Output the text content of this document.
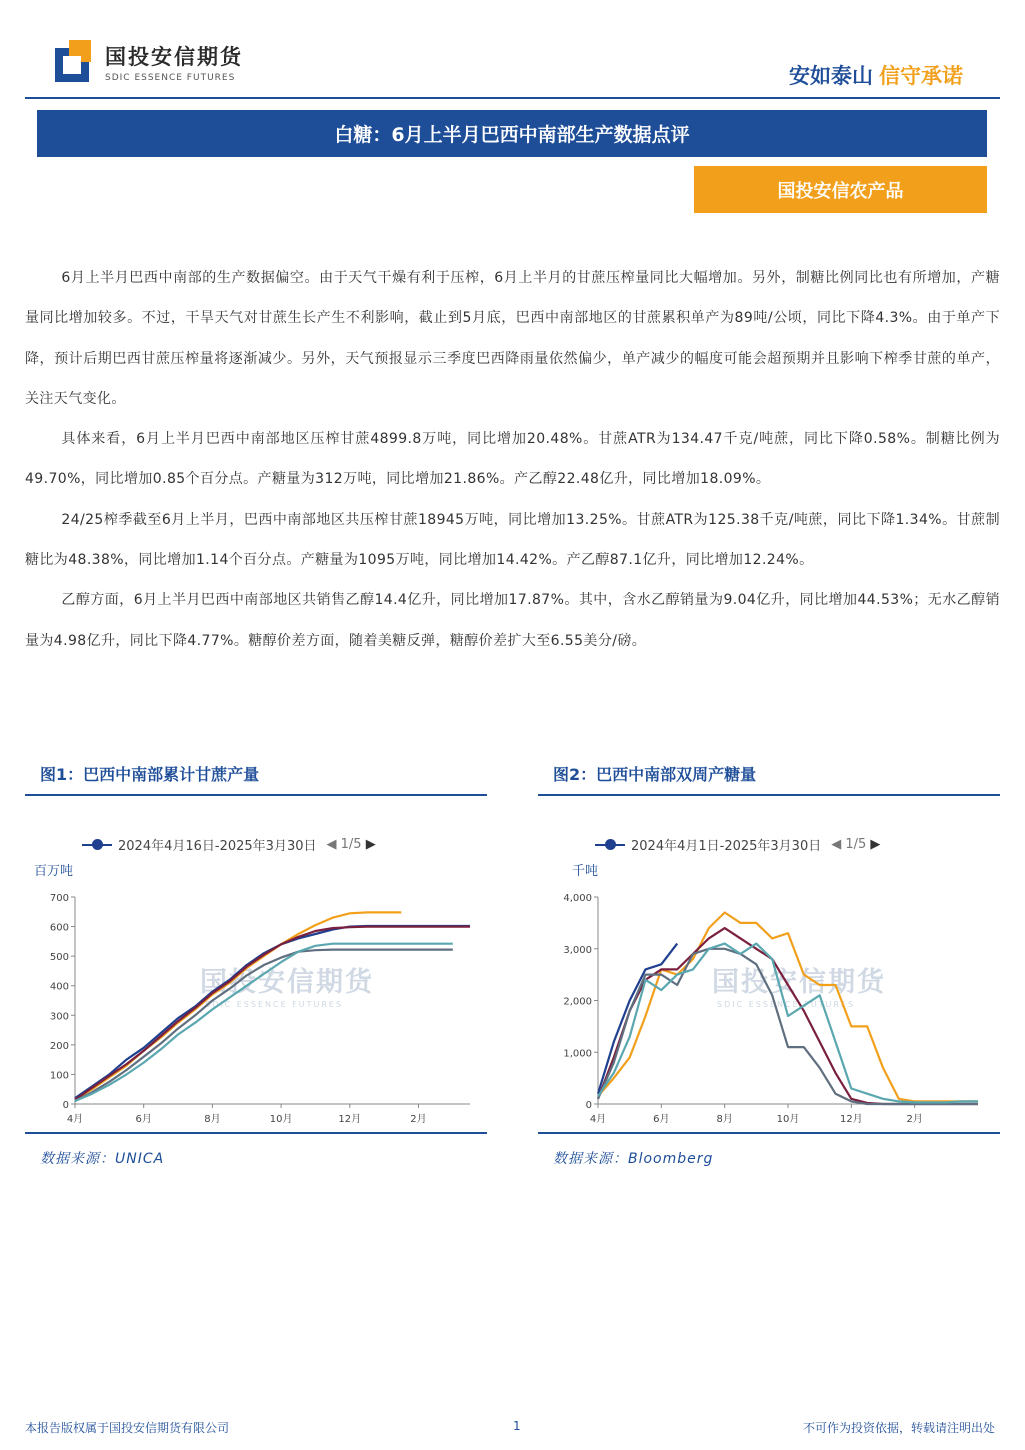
国投安信期货
SDIC ESSENCE FUTURES	安如泰山 信守承诺
白糖：6月上半月巴西中南部生产数据点评
国投安信农产品

6月上半月巴西中南部的生产数据偏空。由于天气干燥有利于压榨，6月上半月的甘蔗压榨量同比大幅增加。另外，制糖比例同比也有所增加，产糖量同比增加较多。不过，干旱天气对甘蔗生长产生不利影响，截止到5月底，巴西中南部地区的甘蔗累积单产为89吨/公顷，同比下降4.3%。由于单产下降，预计后期巴西甘蔗压榨量将逐渐减少。另外，天气预报显示三季度巴西降雨量依然偏少，单产减少的幅度可能会超预期并且影响下榨季甘蔗的单产，关注天气变化。

具体来看，6月上半月巴西中南部地区压榨甘蔗4899.8万吨，同比增加20.48%。甘蔗ATR为134.47千克/吨蔗，同比下降0.58%。制糖比例为49.70%，同比增加0.85个百分点。产糖量为312万吨，同比增加21.86%。产乙醇22.48亿升，同比增加18.09%。

24/25榨季截至6月上半月，巴西中南部地区共压榨甘蔗18945万吨，同比增加13.25%。甘蔗ATR为125.38千克/吨蔗，同比下降1.34%。甘蔗制糖比为48.38%，同比增加1.14个百分点。产糖量为1095万吨，同比增加14.42%。产乙醇87.1亿升，同比增加12.24%。

乙醇方面，6月上半月巴西中南部地区共销售乙醇14.4亿升，同比增加17.87%。其中，含水乙醇销量为9.04亿升，同比增加44.53%；无水乙醇销量为4.98亿升，同比下降4.77%。糖醇价差方面，随着美糖反弹，糖醇价差扩大至6.55美分/磅。

图1：巴西中南部累计甘蔗产量
2024年4月16日-2025年3月30日 ◀ 1/5 ▶
百万吨
国投安信期货
SDIC ESSENCE FUTURES
0
100
200
300
400
500
600
700
4月	6月	8月	10月	12月	2月
数据来源：UNICA
图2：巴西中南部双周产糖量
2024年4月1日-2025年3月30日 ◀ 1/5 ▶
千吨
国投安信期货
SDIC ESSENCE FUTURES
0
1,000
2,000
3,000
4,000
4月	6月	8月	10月	12月	2月
数据来源：Bloomberg
本报告版权属于国投安信期货有限公司	1	不可作为投资依据，转载请注明出处
